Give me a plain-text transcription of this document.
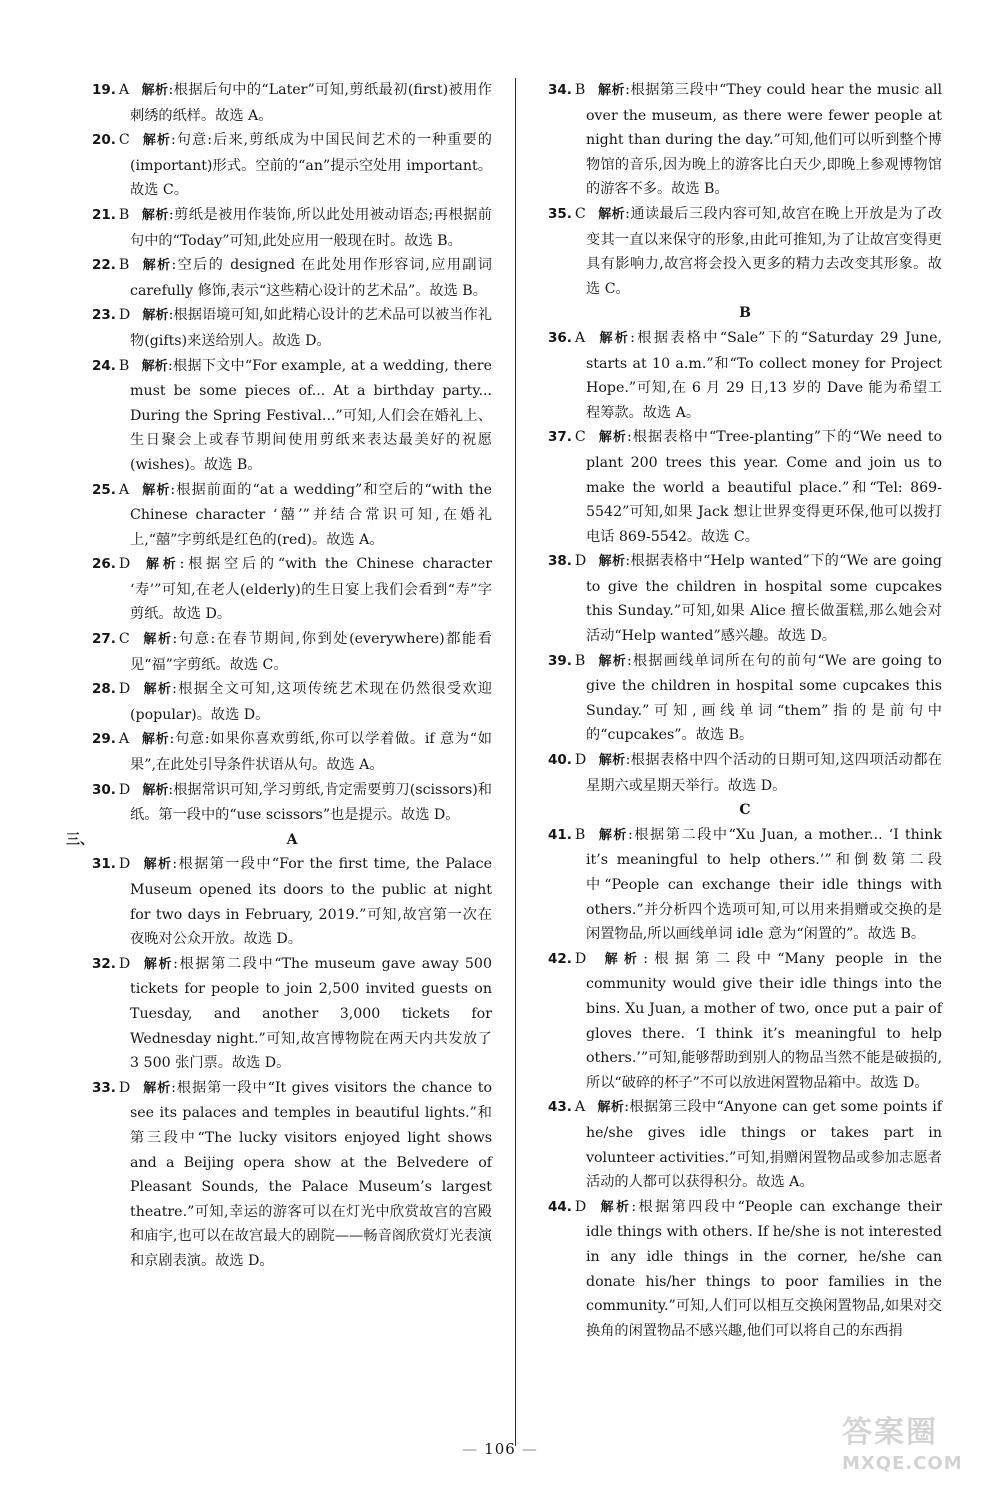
19. A 解析:根据后句中的“Later”可知,剪纸最初(first)被用作刺绣的纸样。故选 A。

20. C 解析:句意:后来,剪纸成为中国民间艺术的一种重要的(important)形式。空前的“an”提示空处用 important。故选 C。

21. B 解析:剪纸是被用作装饰,所以此处用被动语态;再根据前句中的“Today”可知,此处应用一般现在时。故选 B。

22. B 解析:空后的 designed 在此处用作形容词,应用副词 carefully 修饰,表示“这些精心设计的艺术品”。故选 B。

23. D 解析:根据语境可知,如此精心设计的艺术品可以被当作礼物(gifts)来送给别人。故选 D。

24. B 解析:根据下文中“For example, at a wedding, there must be some pieces of... At a birthday party... During the Spring Festival...”可知,人们会在婚礼上、生日聚会上或春节期间使用剪纸来表达最美好的祝愿(wishes)。故选 B。

25. A 解析:根据前面的“at a wedding”和空后的“with the Chinese character ‘囍’”并结合常识可知,在婚礼上,“囍”字剪纸是红色的(red)。故选 A。

26. D 解析:根据空后的“with the Chinese character ‘寿’”可知,在老人(elderly)的生日宴上我们会看到“寿”字剪纸。故选 D。

27. C 解析:句意:在春节期间,你到处(everywhere)都能看见“福”字剪纸。故选 C。

28. D 解析:根据全文可知,这项传统艺术现在仍然很受欢迎(popular)。故选 D。

29. A 解析:句意:如果你喜欢剪纸,你可以学着做。if 意为“如果”,在此处引导条件状语从句。故选 A。

30. D 解析:根据常识可知,学习剪纸,肯定需要剪刀(scissors)和纸。第一段中的“use scissors”也是提示。故选 D。

三、	A

31. D 解析:根据第一段中“For the first time, the Palace Museum opened its doors to the public at night for two days in February, 2019.”可知,故宫第一次在夜晚对公众开放。故选 D。

32. D 解析:根据第二段中“The museum gave away 500 tickets for people to join 2,500 invited guests on Tuesday, and another 3,000 tickets for Wednesday night.”可知,故宫博物院在两天内共发放了 3 500 张门票。故选 D。

33. D 解析:根据第一段中“It gives visitors the chance to see its palaces and temples in beautiful lights.”和第三段中“The lucky visitors enjoyed light shows and a Beijing opera show at the Belvedere of Pleasant Sounds, the Palace Museum’s largest theatre.”可知,幸运的游客可以在灯光中欣赏故宫的宫殿和庙宇,也可以在故宫最大的剧院——畅音阁欣赏灯光表演和京剧表演。故选 D。

34. B 解析:根据第三段中“They could hear the music all over the museum, as there were fewer people at night than during the day.”可知,他们可以听到整个博物馆的音乐,因为晚上的游客比白天少,即晚上参观博物馆的游客不多。故选 B。

35. C 解析:通读最后三段内容可知,故宫在晚上开放是为了改变其一直以来保守的形象,由此可推知,为了让故宫变得更具有影响力,故宫将会投入更多的精力去改变其形象。故选 C。

B

36. A 解析:根据表格中“Sale”下的“Saturday 29 June, starts at 10 a.m.”和“To collect money for Project Hope.”可知,在 6 月 29 日,13 岁的 Dave 能为希望工程筹款。故选 A。

37. C 解析:根据表格中“Tree-planting”下的“We need to plant 200 trees this year. Come and join us to make the world a beautiful place.”和“Tel: 869-5542”可知,如果 Jack 想让世界变得更环保,他可以拨打电话 869-5542。故选 C。

38. D 解析:根据表格中“Help wanted”下的“We are going to give the children in hospital some cupcakes this Sunday.”可知,如果 Alice 擅长做蛋糕,那么她会对活动“Help wanted”感兴趣。故选 D。

39. B 解析:根据画线单词所在句的前句“We are going to give the children in hospital some cupcakes this Sunday.”可知,画线单词“them”指的是前句中的“cupcakes”。故选 B。

40. D 解析:根据表格中四个活动的日期可知,这四项活动都在星期六或星期天举行。故选 D。

C

41. B 解析:根据第二段中“Xu Juan, a mother... ‘I think it’s meaningful to help others.’”和倒数第二段中“People can exchange their idle things with others.”并分析四个选项可知,可以用来捐赠或交换的是闲置物品,所以画线单词 idle 意为“闲置的”。故选 B。

42. D 解析:根据第二段中“Many people in the community would give their idle things into the bins. Xu Juan, a mother of two, once put a pair of gloves there. ‘I think it’s meaningful to help others.’”可知,能够帮助到别人的物品当然不能是破损的,所以“破碎的杯子”不可以放进闲置物品箱中。故选 D。

43. A 解析:根据第三段中“Anyone can get some points if he/she gives idle things or takes part in volunteer activities.”可知,捐赠闲置物品或参加志愿者活动的人都可以获得积分。故选 A。

44. D 解析:根据第四段中“People can exchange their idle things with others. If he/she is not interested in any idle things in the corner, he/she can donate his/her things to poor families in the community.”可知,人们可以相互交换闲置物品,如果对交换角的闲置物品不感兴趣,他们可以将自己的东西捐

— 106 —	答案圈
MXQE.COM
